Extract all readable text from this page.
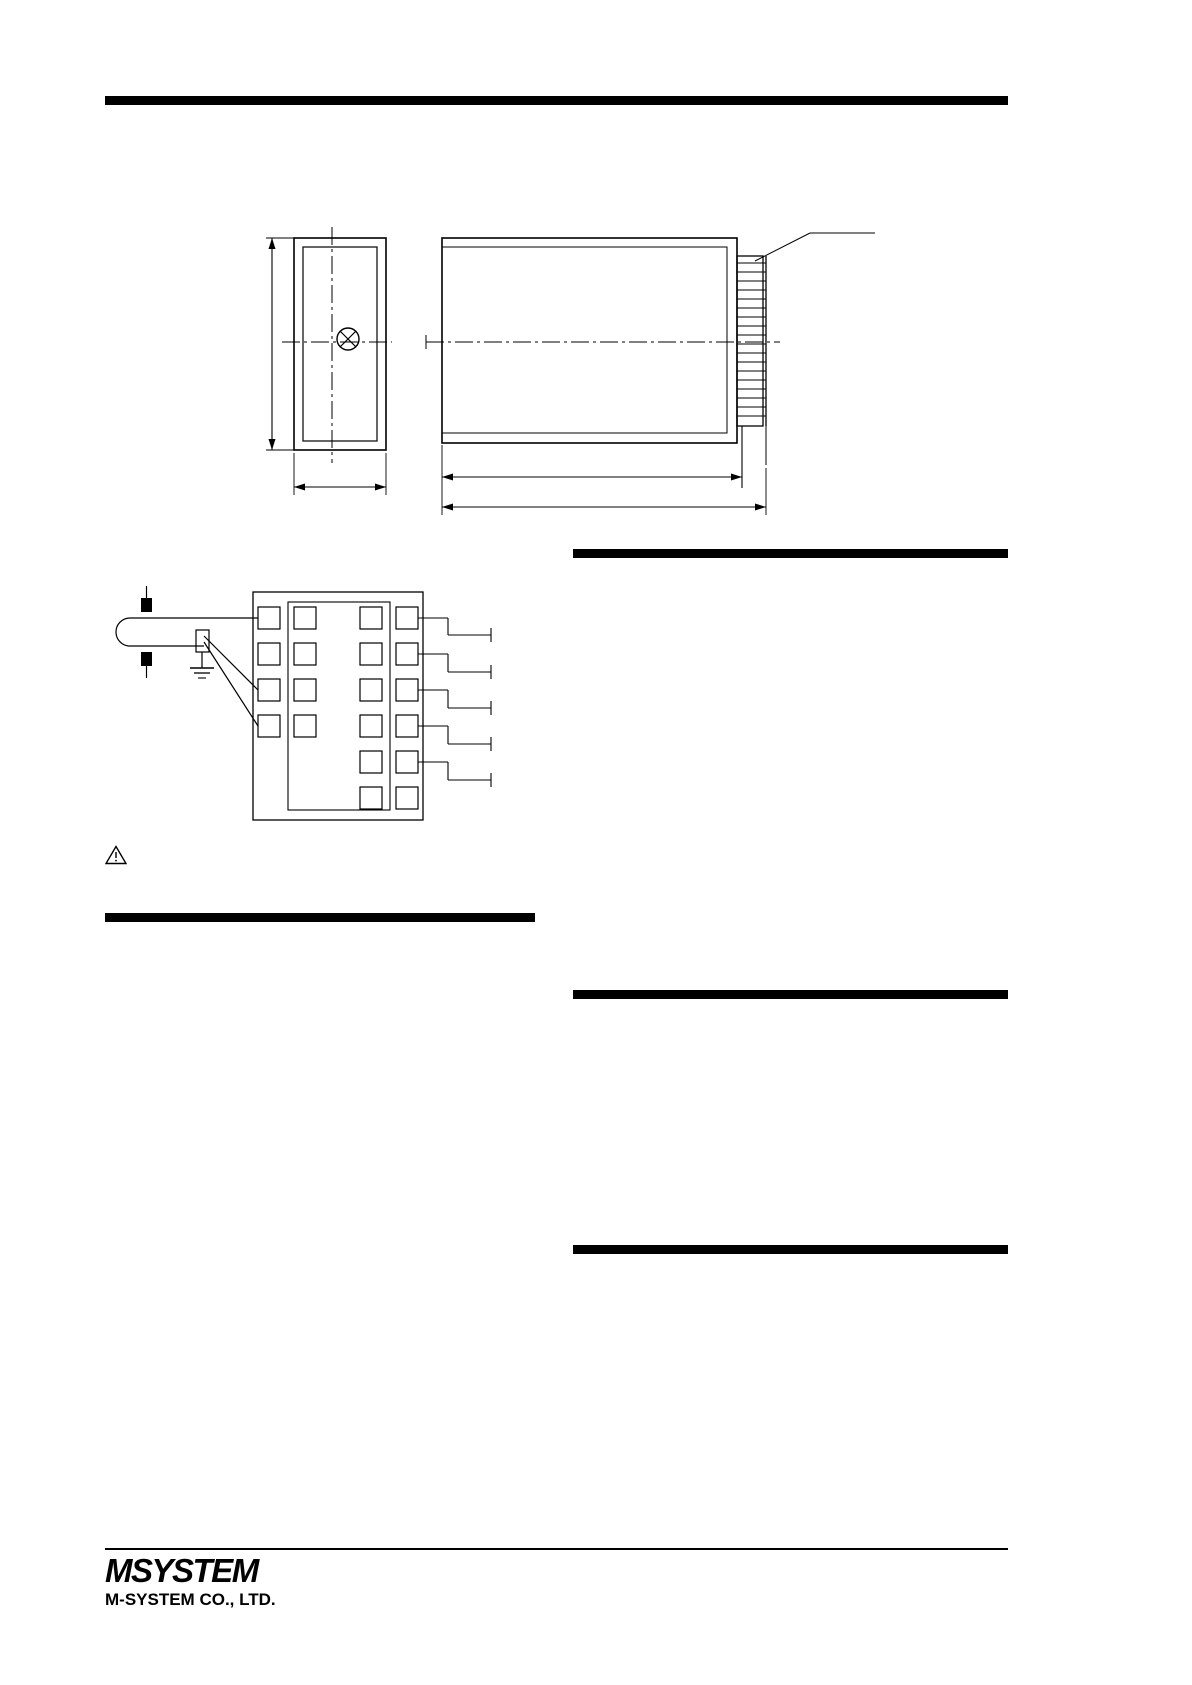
MSYSTEM
M-SYSTEM CO., LTD.
